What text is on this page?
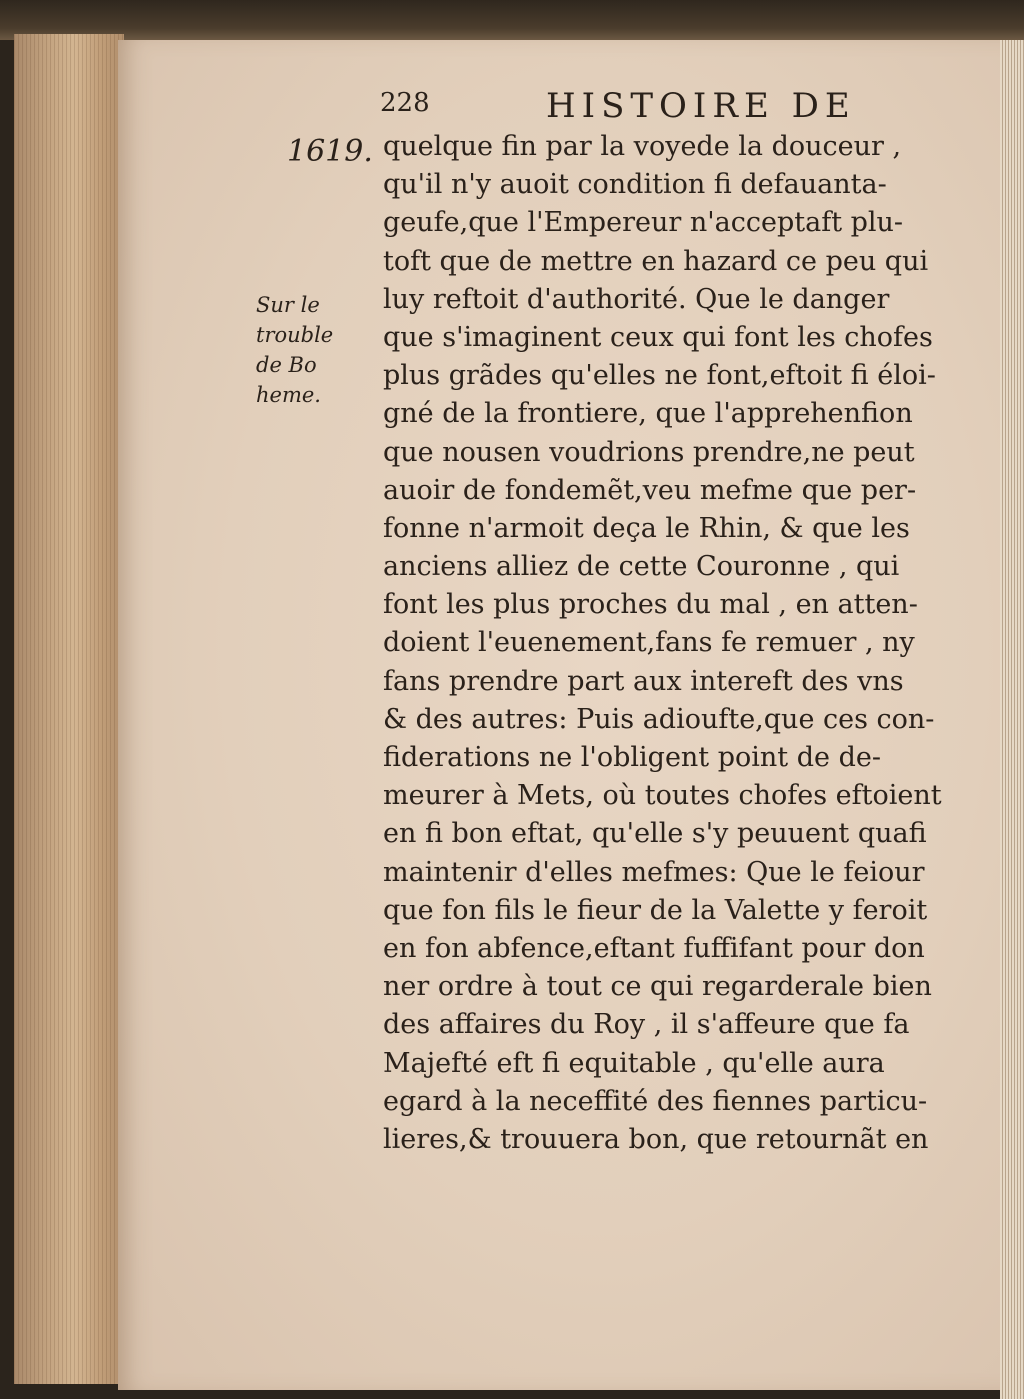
228	HISTOIRE DE
1619.
Sur le
trouble
de Bo
heme.
quelque fin par la voyede la douceur ,
qu'il n'y auoit condition fi defauanta-
geufe,que l'Empereur n'acceptaft plu-
toft que de mettre en hazard ce peu qui
luy reftoit d'authorité. Que le danger
que s'imaginent ceux qui font les chofes
plus grãdes qu'elles ne font,eftoit fi éloi-
gné de la frontiere, que l'apprehenfion
que nousen voudrions prendre,ne peut
auoir de fondemẽt,veu mefme que per-
fonne n'armoit deça le Rhin, & que les
anciens alliez de cette Couronne , qui
font les plus proches du mal , en atten-
doient l'euenement,fans fe remuer , ny
fans prendre part aux intereft des vns
& des autres: Puis adioufte,que ces con-
fiderations ne l'obligent point de de-
meurer à Mets, où toutes chofes eftoient
en fi bon eftat, qu'elle s'y peuuent quafi
maintenir d'elles mefmes: Que le feiour
que fon fils le fieur de la Valette y feroit
en fon abfence,eftant fuffifant pour don
ner ordre à tout ce qui regarderale bien
des affaires du Roy , il s'affeure que fa
Majefté eft fi equitable , qu'elle aura
egard à la neceffité des fiennes particu-
lieres,& trouuera bon, que retournãt en
